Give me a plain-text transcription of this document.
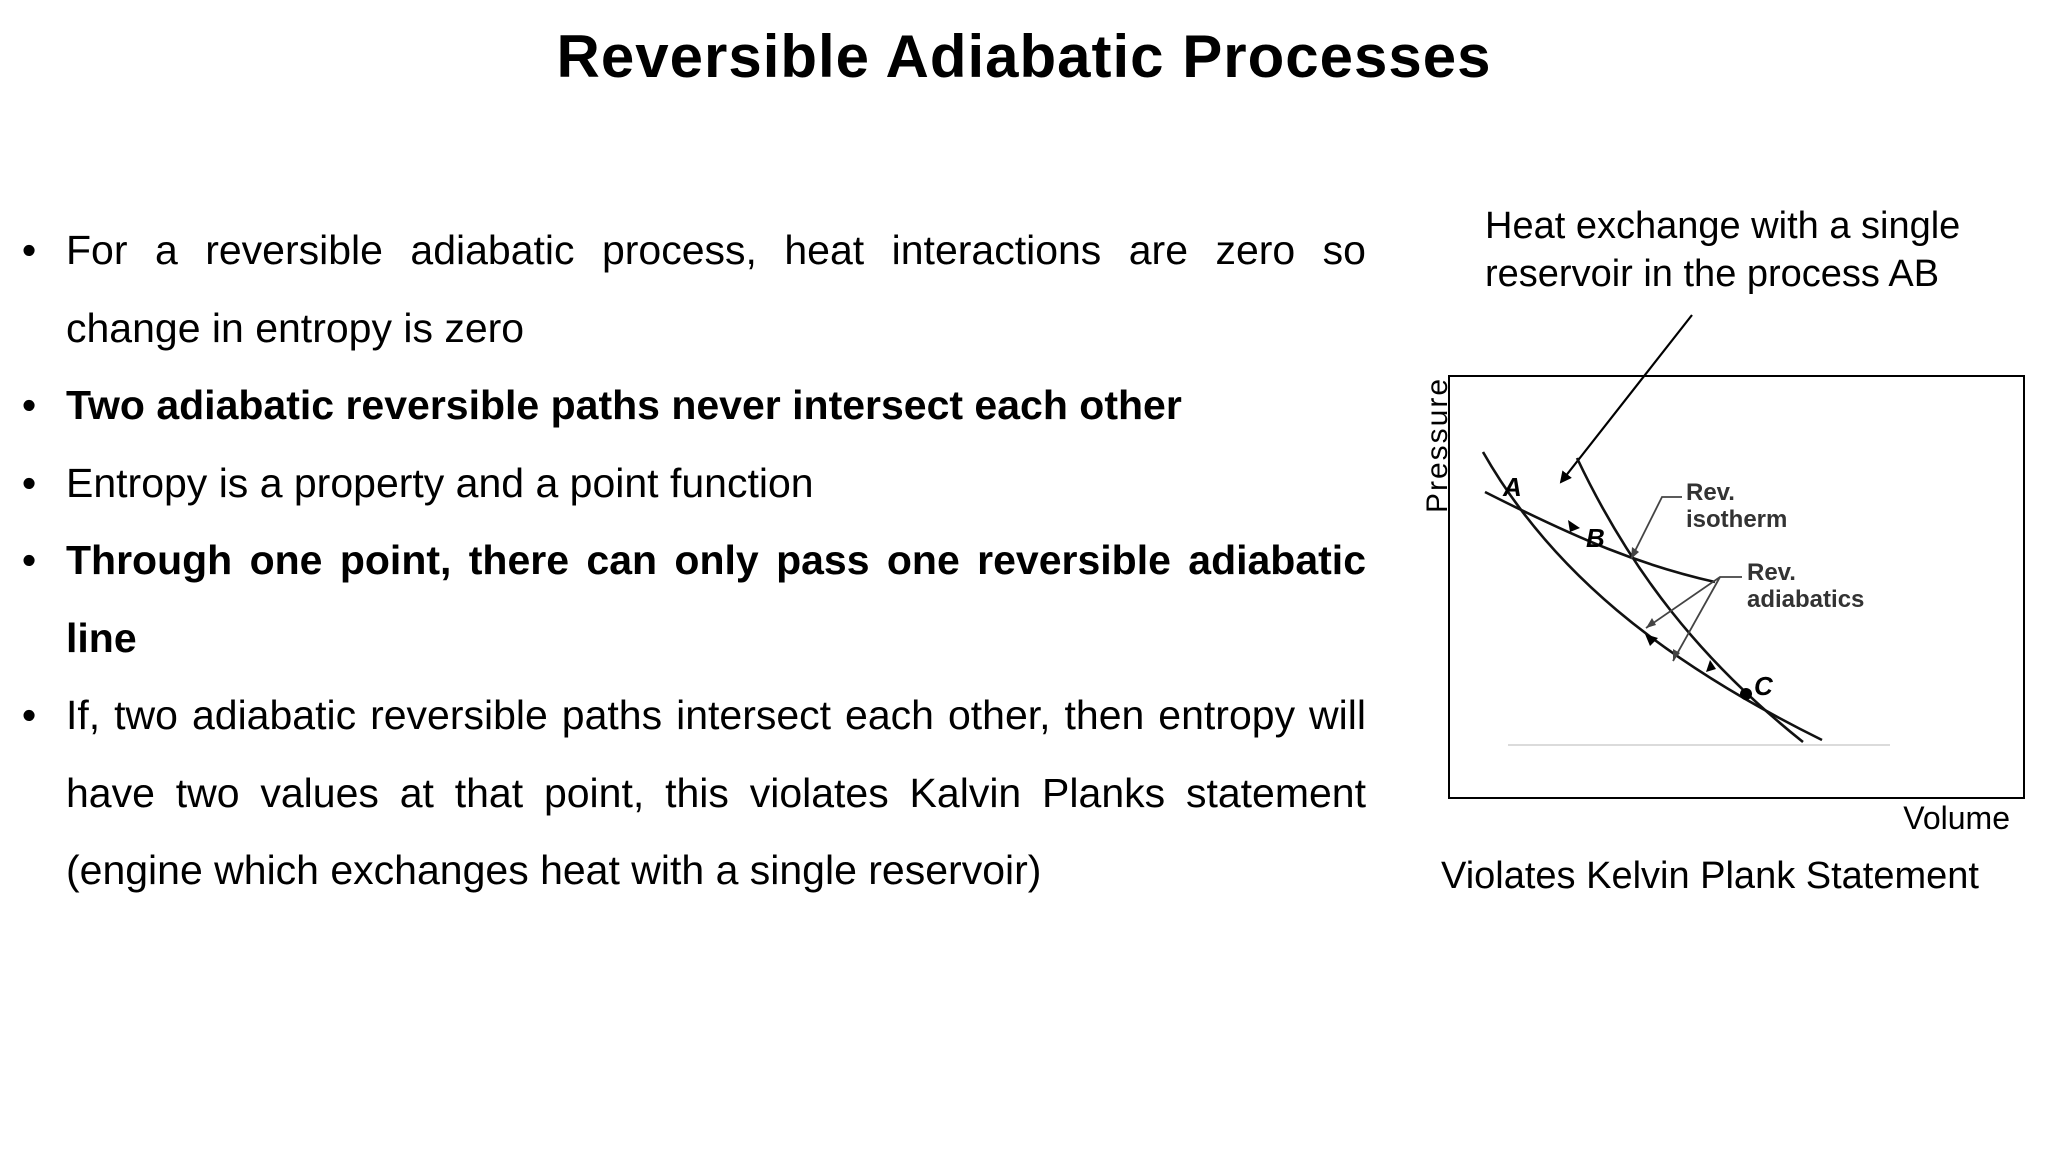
Reversible Adiabatic Processes
• For a reversible adiabatic process, heat interactions are zero so change in entropy is zero
• Two adiabatic reversible paths never intersect each other
• Entropy is a property and a point function
• Through one point, there can only pass one reversible adiabatic line
• If, two adiabatic reversible paths intersect each other, then entropy will have two values at that point, this violates Kalvin Planks statement (engine which exchanges heat with a single reservoir)

Heat exchange with a single reservoir in the process AB

Pressure A
B
C
Rev.
isotherm
Rev.
adiabatics
Volume

Violates Kelvin Plank Statement
